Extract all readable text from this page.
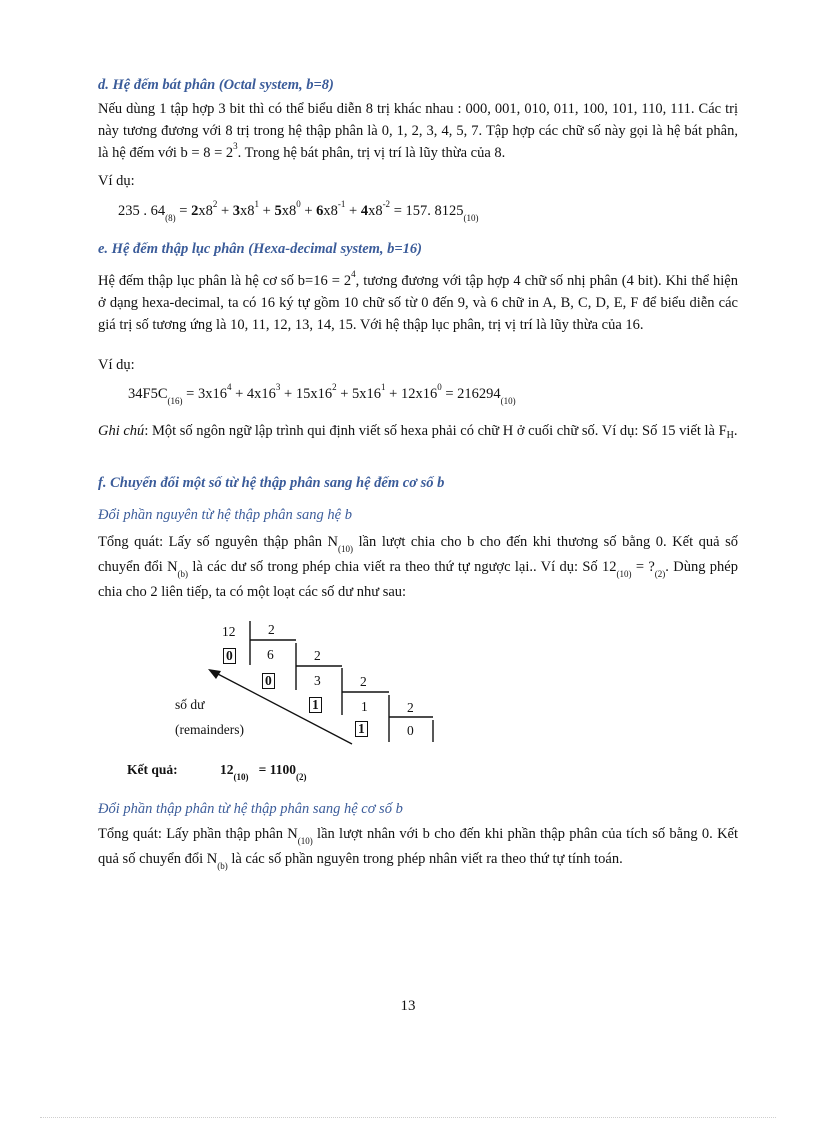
d. Hệ đếm bát phân (Octal system, b=8)
Nếu dùng 1 tập hợp 3 bit thì có thể biểu diễn 8 trị khác nhau : 000, 001, 010, 011, 100, 101, 110, 111. Các trị này tương đương với 8 trị trong hệ thập phân là 0, 1, 2, 3, 4, 5, 7. Tập hợp các chữ số này gọi là hệ bát phân, là hệ đếm với $b = 8 = 2^3$. Trong hệ bát phân, trị vị trí là lũy thừa của 8.
Ví dụ:
235 . $64_{(8)} = 2x8^2 + 3x8^1 + 5x8^0 + 6x8^{-1} + 4x8^{-2} = 157$. $8125_{(10)}$
e. Hệ đếm thập lục phân (Hexa-decimal system, b=16)
Hệ đếm thập lục phân là hệ cơ số $b=16 = 2^4$, tương đương với tập hợp 4 chữ số nhị phân (4 bit). Khi thể hiện ở dạng hexa-decimal, ta có 16 ký tự gồm 10 chữ số từ 0 đến 9, và 6 chữ in A, B, C, D, E, F để biểu diễn các giá trị số tương ứng là 10, 11, 12, 13, 14, 15. Với hệ thập lục phân, trị vị trí là lũy thừa của 16.
Ví dụ:
$34F5C_{(16)} = 3x16^4 + 4x16^3 + 15x16^2 + 5x16^1 + 12x16^0 = 216294_{(10)}$
Ghi chú: Một số ngôn ngữ lập trình qui định viết số hexa phải có chữ H ở cuối chữ số. Ví dụ: Số 15 viết là $F_H$.
f. Chuyển đổi một số từ hệ thập phân sang hệ đếm cơ số b
Đổi phần nguyên từ hệ thập phân sang hệ b
Tổng quát: Lấy số nguyên thập phân $N_{(10)}$ lần lượt chia cho b cho đến khi thương số bằng 0. Kết quả số chuyển đổi $N_{(b)}$ là các dư số trong phép chia viết ra theo thứ tự ngược lại.. Ví dụ: Số $12_{(10)}$ = $?_{(2)}$. Dùng phép chia cho 2 liên tiếp, ta có một loạt các số dư như sau:
12 2
0	6	2
0	3	2
1	1	2
1	0
số dư
(remainders)
Kết quả:	$12_{(10)} = 1100_{(2)}$
Đổi phần thập phân từ hệ thập phân sang hệ cơ số b
Tổng quát: Lấy phần thập phân $N_{(10)}$ lần lượt nhân với b cho đến khi phần thập phân của tích số bằng 0. Kết quả số chuyển đổi $N_{(b)}$ là các số phần nguyên trong phép nhân viết ra theo thứ tự tính toán.
13
